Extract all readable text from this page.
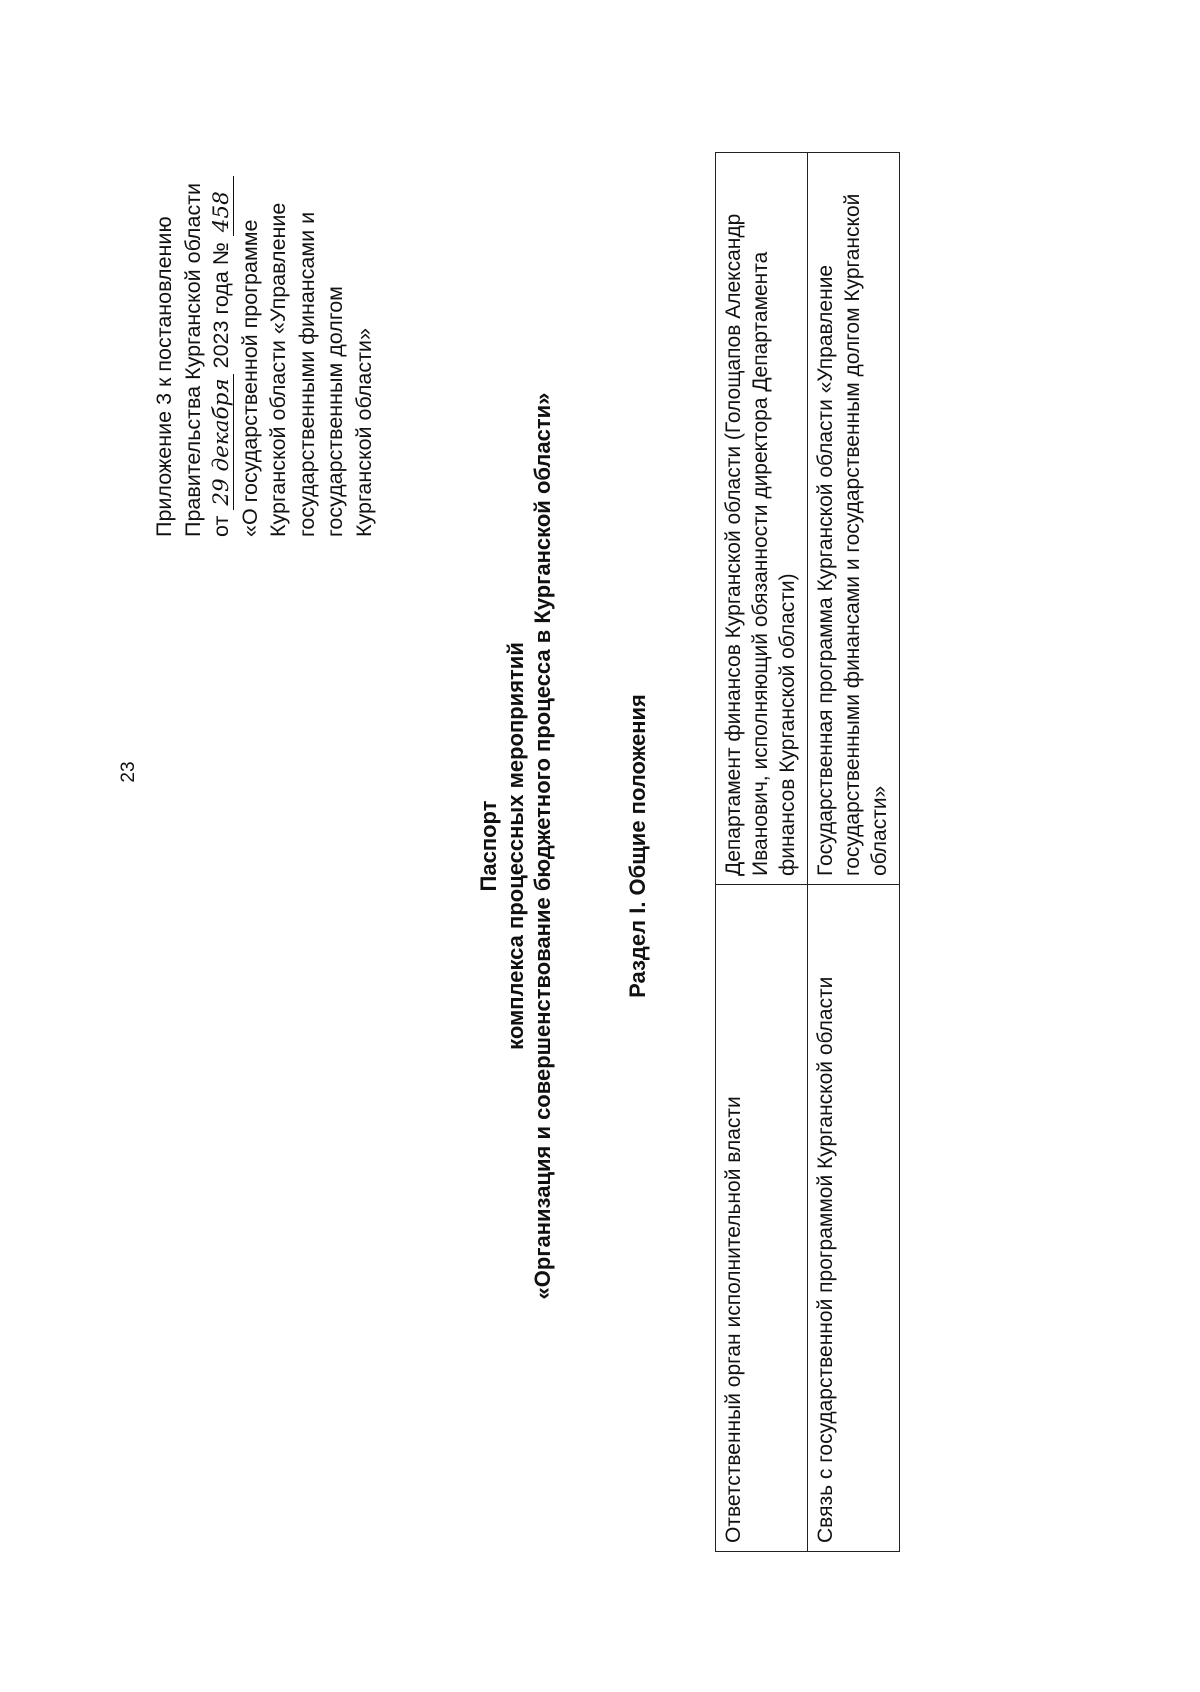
23
Приложение 3 к постановлению Правительства Курганской области от 29 декабря 2023 года № 458
«О государственной программе Курганской области «Управление государственными финансами и государственным долгом Курганской области»
Паспорт комплекса процессных мероприятий «Организация и совершенствование бюджетного процесса в Курганской области»	Раздел I. Общие положения
Ответственный орган исполнительной власти	Департамент финансов Курганской области (Голощапов Александр Иванович, исполняющий обязанности директора Департамента финансов Курганской области)
Связь с государственной программой Курганской области	Государственная программа Курганской области «Управление государственными финансами и государственным долгом Курганской области»
